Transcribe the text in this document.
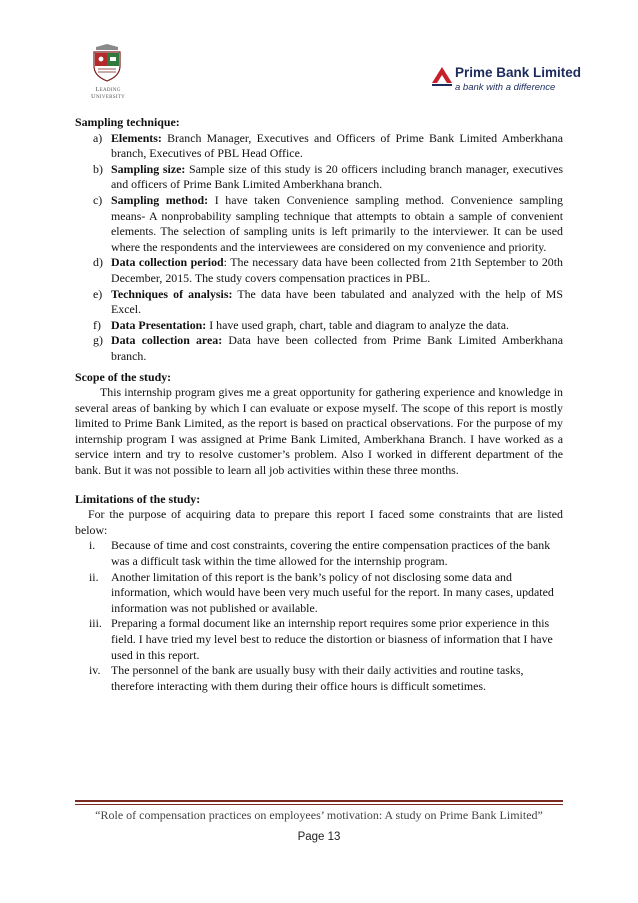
Leading University
Prime Bank Limited
a bank with a difference

Sampling technique:

a) Elements: Branch Manager, Executives and Officers of Prime Bank Limited Amberkhana branch, Executives of PBL Head Office.
b) Sampling size: Sample size of this study is 20 officers including branch manager, executives and officers of Prime Bank Limited Amberkhana branch.
c) Sampling method: I have taken Convenience sampling method. Convenience sampling means- A nonprobability sampling technique that attempts to obtain a sample of convenient elements. The selection of sampling units is left primarily to the interviewer. It can be used where the respondents and the interviewees are considered on my convenience and priority.
d) Data collection period: The necessary data have been collected from 21th September to 20th December, 2015. The study covers compensation practices in PBL.
e) Techniques of analysis: The data have been tabulated and analyzed with the help of MS Excel.
f) Data Presentation: I have used graph, chart, table and diagram to analyze the data.
g) Data collection area: Data have been collected from Prime Bank Limited Amberkhana branch.

Scope of the study:

This internship program gives me a great opportunity for gathering experience and knowledge in several areas of banking by which I can evaluate or expose myself. The scope of this report is mostly limited to Prime Bank Limited, as the report is based on practical observations. For the purpose of my internship program I was assigned at Prime Bank Limited, Amberkhana Branch. I have worked as a service intern and try to resolve customer’s problem. Also I worked in different department of the bank. But it was not possible to learn all job activities within these three months.

Limitations of the study:

For the purpose of acquiring data to prepare this report I faced some constraints that are listed below:

i. Because of time and cost constraints, covering the entire compensation practices of the bank was a difficult task within the time allowed for the internship program.
ii. Another limitation of this report is the bank’s policy of not disclosing some data and information, which would have been very much useful for the report. In many cases, updated information was not published or available.
iii. Preparing a formal document like an internship report requires some prior experience in this field. I have tried my level best to reduce the distortion or biasness of information that I have used in this report.
iv. The personnel of the bank are usually busy with their daily activities and routine tasks, therefore interacting with them during their office hours is difficult sometimes.
“Role of compensation practices on employees’ motivation: A study on Prime Bank Limited”
Page 13
